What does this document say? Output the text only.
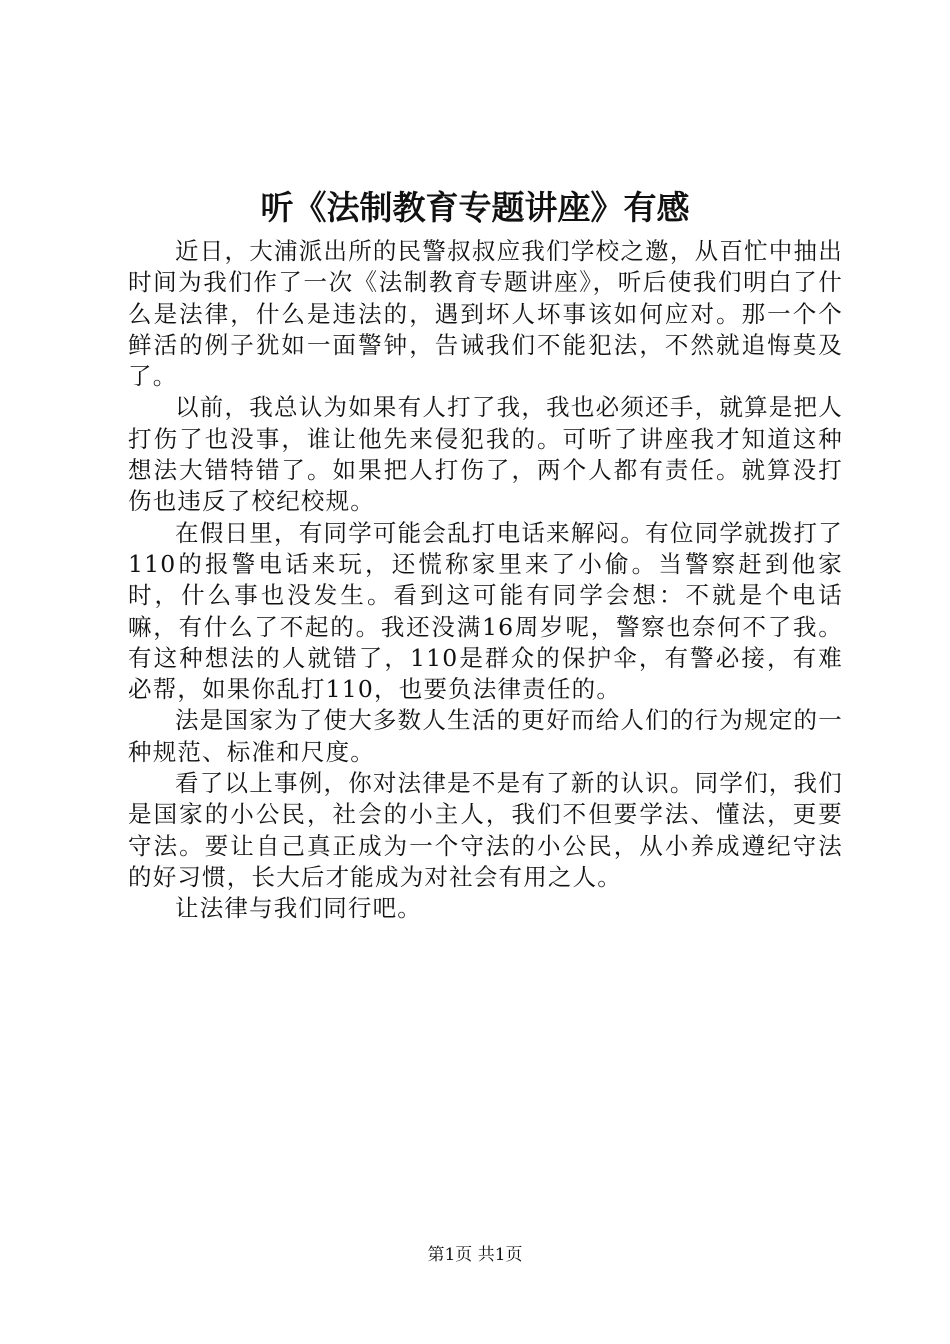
听《法制教育专题讲座》有感

近日，大浦派出所的民警叔叔应我们学校之邀，从百忙中抽出时间为我们作了一次《法制教育专题讲座》，听后使我们明白了什么是法律，什么是违法的，遇到坏人坏事该如何应对。那一个个鲜活的例子犹如一面警钟，告诫我们不能犯法，不然就追悔莫及了。

以前，我总认为如果有人打了我，我也必须还手，就算是把人打伤了也没事，谁让他先来侵犯我的。可听了讲座我才知道这种想法大错特错了。如果把人打伤了，两个人都有责任。就算没打伤也违反了校纪校规。

在假日里，有同学可能会乱打电话来解闷。有位同学就拨打了110的报警电话来玩，还慌称家里来了小偷。当警察赶到他家时，什么事也没发生。看到这可能有同学会想：不就是个电话嘛，有什么了不起的。我还没满16周岁呢，警察也奈何不了我。有这种想法的人就错了，110是群众的保护伞，有警必接，有难必帮，如果你乱打110，也要负法律责任的。

法是国家为了使大多数人生活的更好而给人们的行为规定的一种规范、标准和尺度。

看了以上事例，你对法律是不是有了新的认识。同学们，我们是国家的小公民，社会的小主人，我们不但要学法、懂法，更要守法。要让自己真正成为一个守法的小公民，从小养成遵纪守法的好习惯，长大后才能成为对社会有用之人。

让法律与我们同行吧。

第1页 共1页
